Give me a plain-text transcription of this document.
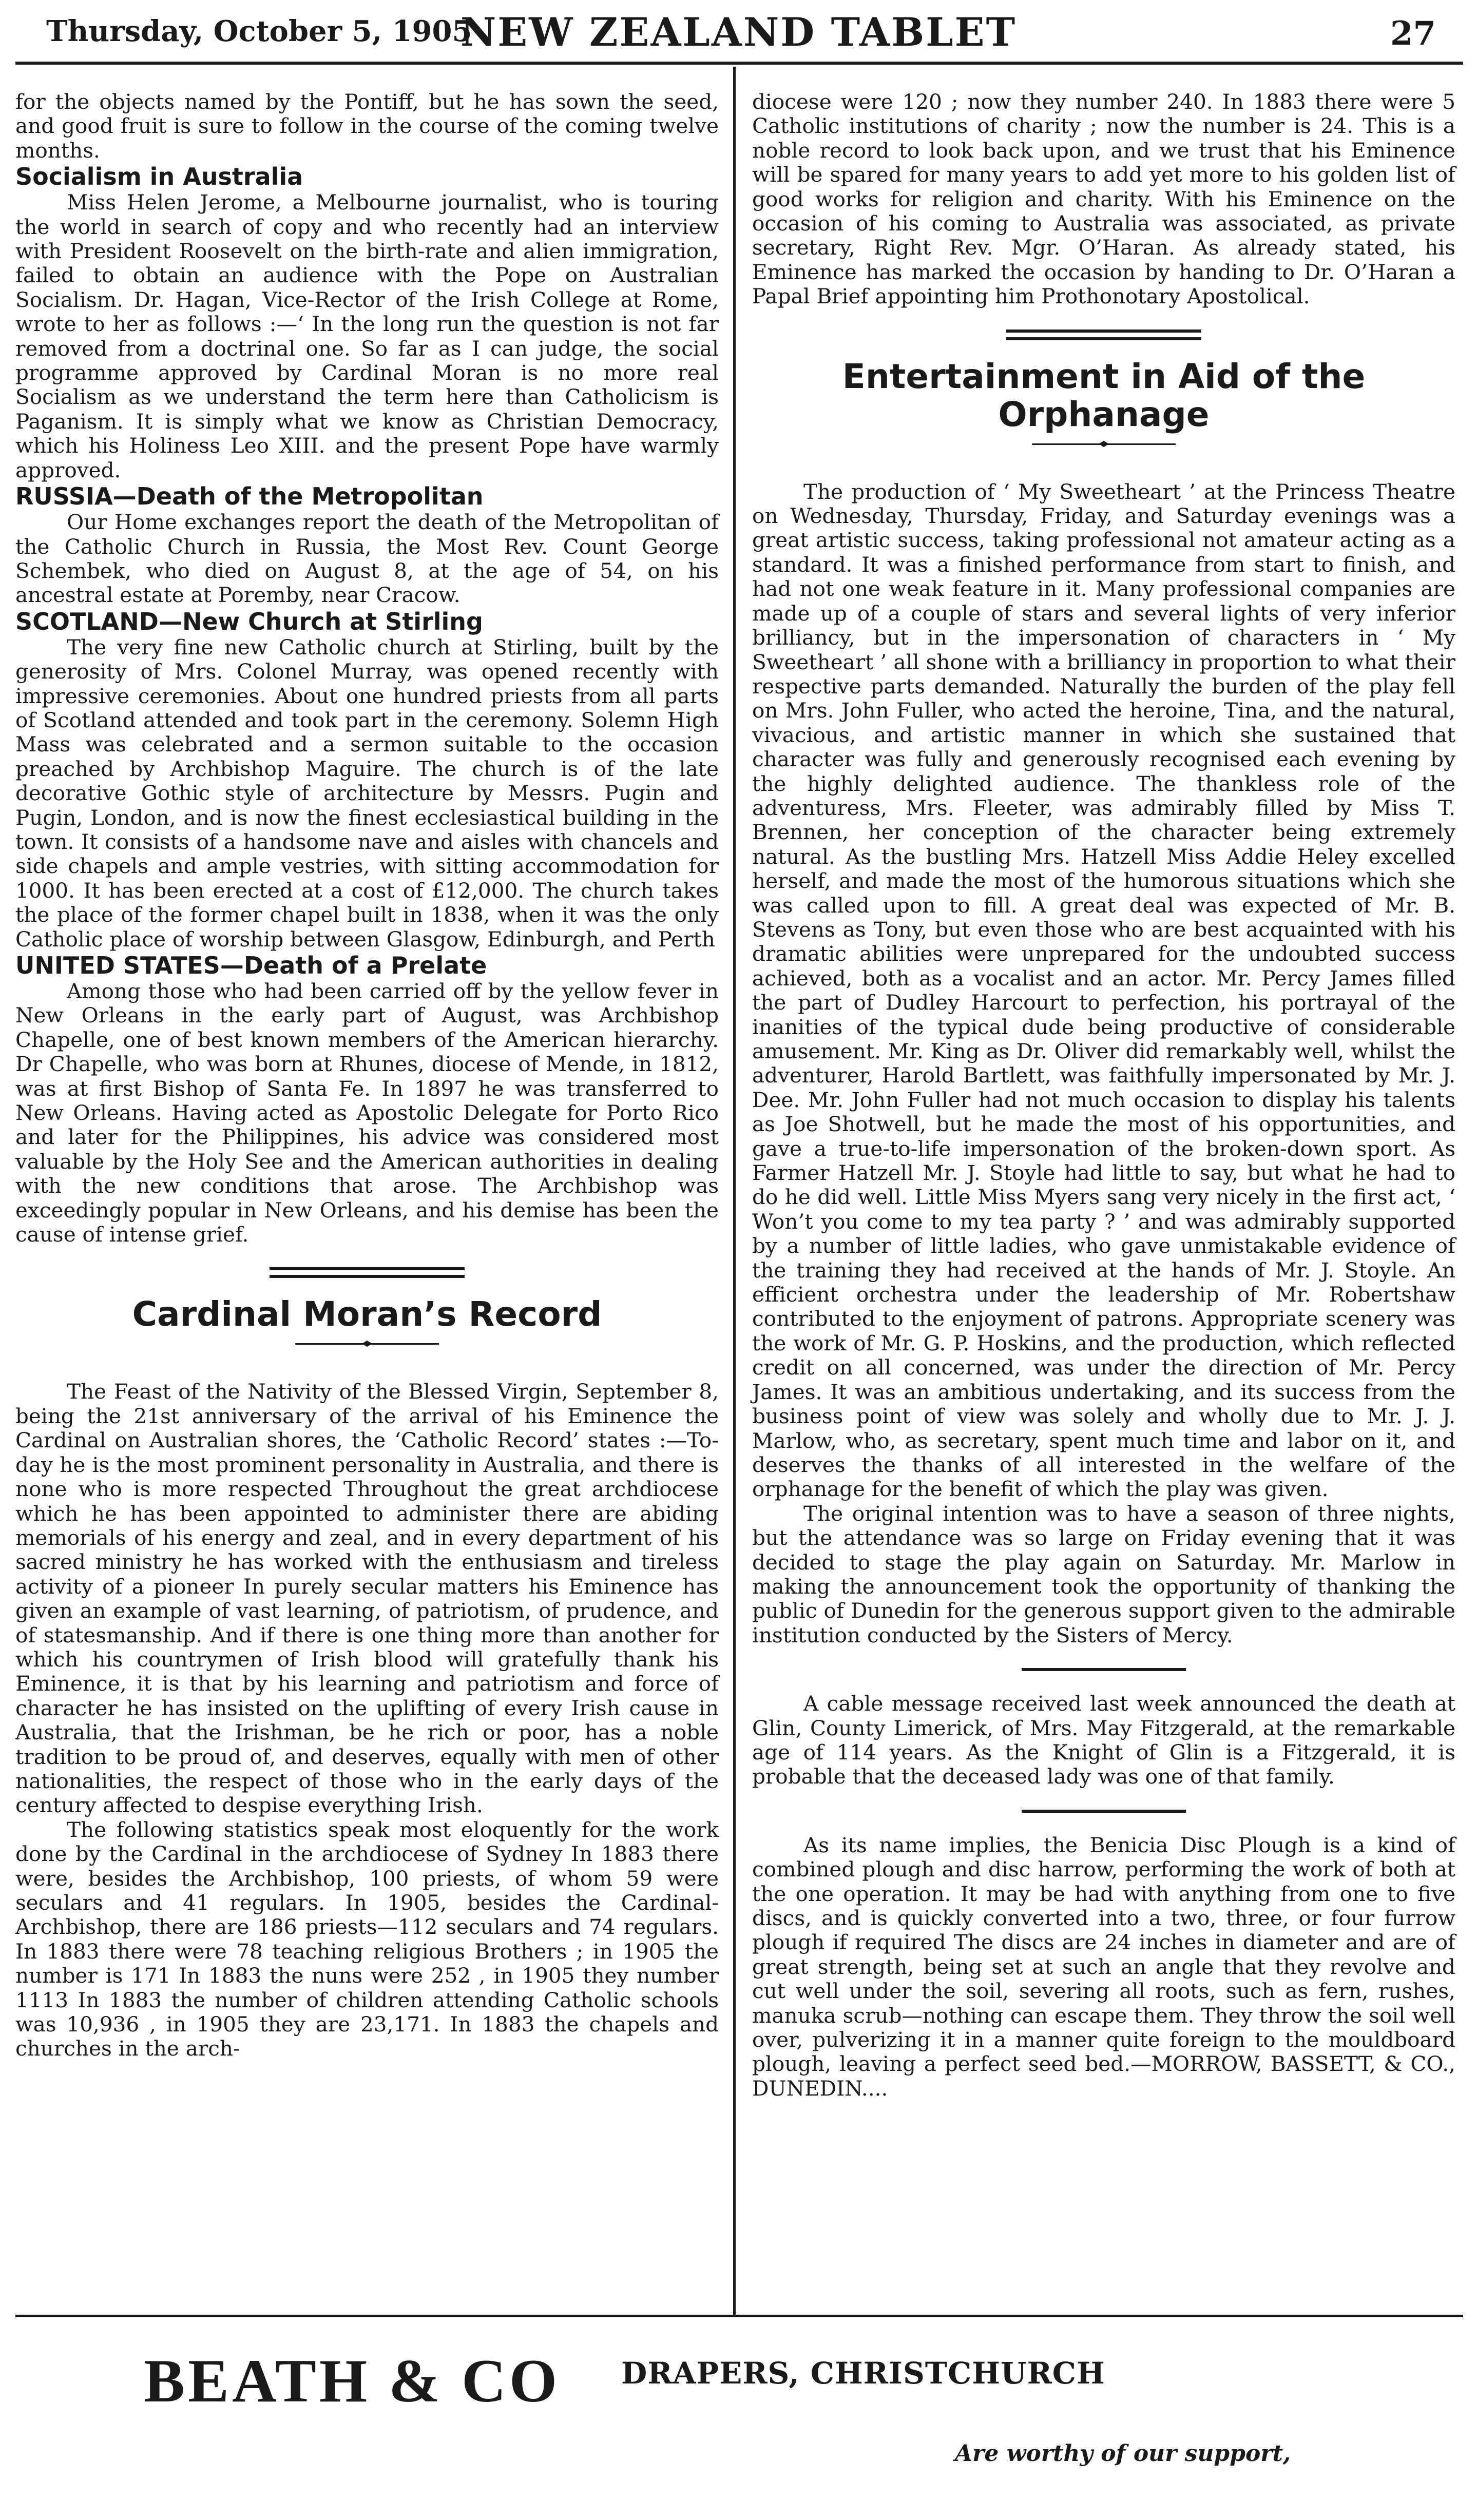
Thursday, October 5, 1905
NEW ZEALAND TABLET	27

for the objects named by the Pontiff, but he has sown the seed, and good fruit is sure to follow in the course of the coming twelve months.

Socialism in Australia

Miss Helen Jerome, a Melbourne journalist, who is touring the world in search of copy and who recently had an interview with President Roosevelt on the birth-rate and alien immigration, failed to obtain an audience with the Pope on Australian Socialism. Dr. Hagan, Vice-Rector of the Irish College at Rome, wrote to her as follows :—‘ In the long run the question is not far removed from a doctrinal one. So far as I can judge, the social programme approved by Cardinal Moran is no more real Socialism as we understand the term here than Catholicism is Paganism. It is simply what we know as Christian Democracy, which his Holiness Leo XIII. and the present Pope have warmly approved.

RUSSIA—Death of the Metropolitan

Our Home exchanges report the death of the Metropolitan of the Catholic Church in Russia, the Most Rev. Count George Schembek, who died on August 8, at the age of 54, on his ancestral estate at Poremby, near Cracow.

SCOTLAND—New Church at Stirling

The very fine new Catholic church at Stirling, built by the generosity of Mrs. Colonel Murray, was opened recently with impressive ceremonies. About one hundred priests from all parts of Scotland attended and took part in the ceremony. Solemn High Mass was celebrated and a sermon suitable to the occasion preached by Archbishop Maguire. The church is of the late decorative Gothic style of architecture by Messrs. Pugin and Pugin, London, and is now the finest ecclesiastical building in the town. It consists of a handsome nave and aisles with chancels and side chapels and ample vestries, with sitting accommodation for 1000. It has been erected at a cost of £12,000. The church takes the place of the former chapel built in 1838, when it was the only Catholic place of worship between Glasgow, Edinburgh, and Perth

UNITED STATES—Death of a Prelate

Among those who had been carried off by the yellow fever in New Orleans in the early part of August, was Archbishop Chapelle, one of best known members of the American hierarchy. Dr Chapelle, who was born at Rhunes, diocese of Mende, in 1812, was at first Bishop of Santa Fe. In 1897 he was transferred to New Orleans. Having acted as Apostolic Delegate for Porto Rico and later for the Philippines, his advice was considered most valuable by the Holy See and the American authorities in dealing with the new conditions that arose. The Archbishop was exceedingly popular in New Orleans, and his demise has been the cause of intense grief.

Cardinal Moran’s Record

The Feast of the Nativity of the Blessed Virgin, September 8, being the 21st anniversary of the arrival of his Eminence the Cardinal on Australian shores, the ‘Catholic Record’ states :—To-day he is the most prominent personality in Australia, and there is none who is more respected Throughout the great archdiocese which he has been appointed to administer there are abiding memorials of his energy and zeal, and in every department of his sacred ministry he has worked with the enthusiasm and tireless activity of a pioneer In purely secular matters his Eminence has given an example of vast learning, of patriotism, of prudence, and of statesmanship. And if there is one thing more than another for which his countrymen of Irish blood will gratefully thank his Eminence, it is that by his learning and patriotism and force of character he has insisted on the uplifting of every Irish cause in Australia, that the Irishman, be he rich or poor, has a noble tradition to be proud of, and deserves, equally with men of other nationalities, the respect of those who in the early days of the century affected to despise everything Irish.

The following statistics speak most eloquently for the work done by the Cardinal in the archdiocese of Sydney In 1883 there were, besides the Archbishop, 100 priests, of whom 59 were seculars and 41 regulars. In 1905, besides the Cardinal-Archbishop, there are 186 priests—112 seculars and 74 regulars. In 1883 there were 78 teaching religious Brothers ; in 1905 the number is 171 In 1883 the nuns were 252 , in 1905 they number 1113 In 1883 the number of children attending Catholic schools was 10,936 , in 1905 they are 23,171. In 1883 the chapels and churches in the arch-

diocese were 120 ; now they number 240. In 1883 there were 5 Catholic institutions of charity ; now the number is 24. This is a noble record to look back upon, and we trust that his Eminence will be spared for many years to add yet more to his golden list of good works for religion and charity. With his Eminence on the occasion of his coming to Australia was associated, as private secretary, Right Rev. Mgr. O’Haran. As already stated, his Eminence has marked the occasion by handing to Dr. O’Haran a Papal Brief appointing him Prothonotary Apostolical.

Entertainment in Aid of the Orphanage

The production of ‘ My Sweetheart ’ at the Princess Theatre on Wednesday, Thursday, Friday, and Saturday evenings was a great artistic success, taking professional not amateur acting as a standard. It was a finished performance from start to finish, and had not one weak feature in it. Many professional companies are made up of a couple of stars and several lights of very inferior brilliancy, but in the impersonation of characters in ‘ My Sweetheart ’ all shone with a brilliancy in proportion to what their respective parts demanded. Naturally the burden of the play fell on Mrs. John Fuller, who acted the heroine, Tina, and the natural, vivacious, and artistic manner in which she sustained that character was fully and generously recognised each evening by the highly delighted audience. The thankless role of the adventuress, Mrs. Fleeter, was admirably filled by Miss T. Brennen, her conception of the character being extremely natural. As the bustling Mrs. Hatzell Miss Addie Heley excelled herself, and made the most of the humorous situations which she was called upon to fill. A great deal was expected of Mr. B. Stevens as Tony, but even those who are best acquainted with his dramatic abilities were unprepared for the undoubted success achieved, both as a vocalist and an actor. Mr. Percy James filled the part of Dudley Harcourt to perfection, his portrayal of the inanities of the typical dude being productive of considerable amusement. Mr. King as Dr. Oliver did remarkably well, whilst the adventurer, Harold Bartlett, was faithfully impersonated by Mr. J. Dee. Mr. John Fuller had not much occasion to display his talents as Joe Shotwell, but he made the most of his opportunities, and gave a true-to-life impersonation of the broken-down sport. As Farmer Hatzell Mr. J. Stoyle had little to say, but what he had to do he did well. Little Miss Myers sang very nicely in the first act, ‘ Won’t you come to my tea party ? ’ and was admirably supported by a number of little ladies, who gave unmistakable evidence of the training they had received at the hands of Mr. J. Stoyle. An efficient orchestra under the leadership of Mr. Robertshaw contributed to the enjoyment of patrons. Appropriate scenery was the work of Mr. G. P. Hoskins, and the production, which reflected credit on all concerned, was under the direction of Mr. Percy James. It was an ambitious undertaking, and its success from the business point of view was solely and wholly due to Mr. J. J. Marlow, who, as secretary, spent much time and labor on it, and deserves the thanks of all interested in the welfare of the orphanage for the benefit of which the play was given.

The original intention was to have a season of three nights, but the attendance was so large on Friday evening that it was decided to stage the play again on Saturday. Mr. Marlow in making the announcement took the opportunity of thanking the public of Dunedin for the generous support given to the admirable institution conducted by the Sisters of Mercy.

A cable message received last week announced the death at Glin, County Limerick, of Mrs. May Fitzgerald, at the remarkable age of 114 years. As the Knight of Glin is a Fitzgerald, it is probable that the deceased lady was one of that family.

As its name implies, the Benicia Disc Plough is a kind of combined plough and disc harrow, performing the work of both at the one operation. It may be had with anything from one to five discs, and is quickly converted into a two, three, or four furrow plough if required The discs are 24 inches in diameter and are of great strength, being set at such an angle that they revolve and cut well under the soil, severing all roots, such as fern, rushes, manuka scrub—nothing can escape them. They throw the soil well over, pulverizing it in a manner quite foreign to the mouldboard plough, leaving a perfect seed bed.—MORROW, BASSETT, & CO., DUNEDIN....

BEATH & CO DRAPERS, CHRISTCHURCH
Are worthy of our support,
